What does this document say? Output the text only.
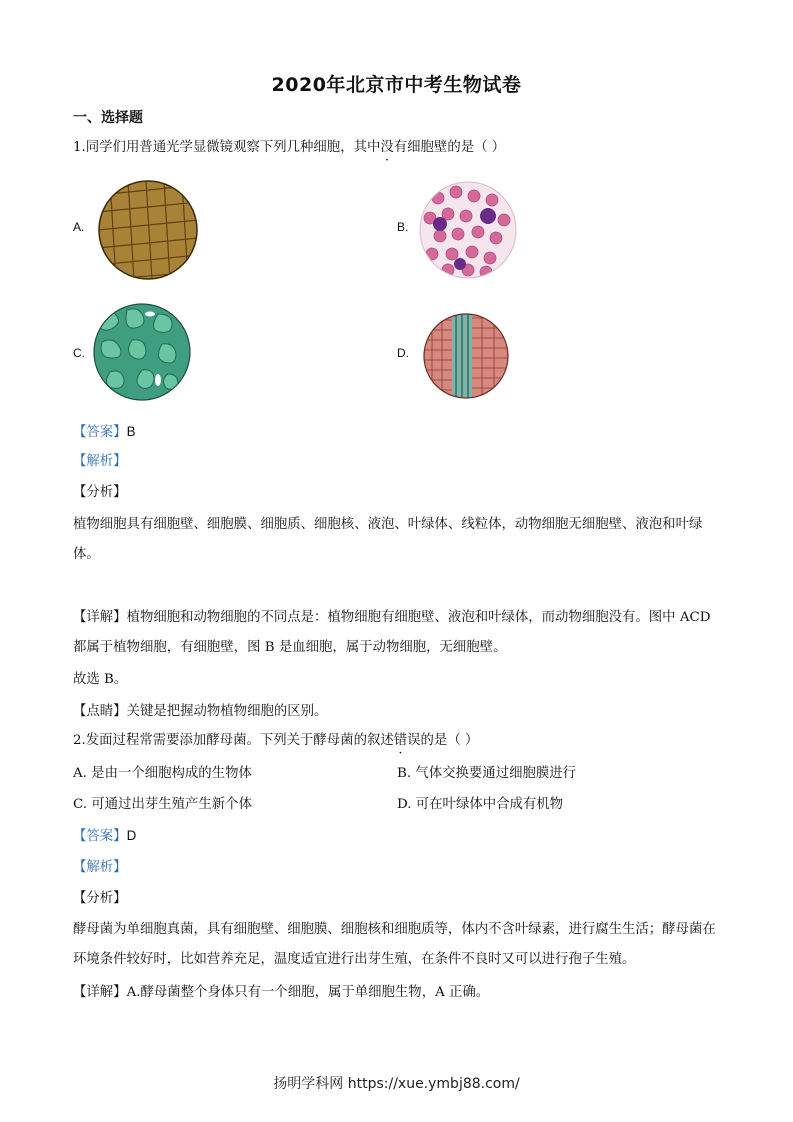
2020年北京市中考生物试卷
一、选择题
1.同学们用普通光学显微镜观察下列几种细胞，其中没有细胞壁的是（ ）
A.	B.
C.	D.
【答案】B
【解析】
【分析】
植物细胞具有细胞壁、细胞膜、细胞质、细胞核、液泡、叶绿体、线粒体，动物细胞无细胞壁、液泡和叶绿体。
【详解】植物细胞和动物细胞的不同点是：植物细胞有细胞壁、液泡和叶绿体，而动物细胞没有。图中 ACD 都属于植物细胞，有细胞壁，图 B 是血细胞，属于动物细胞，无细胞壁。
故选 B。
【点睛】关键是把握动物植物细胞的区别。
2.发面过程常需要添加酵母菌。下列关于酵母菌的叙述错误的是（ ）
A. 是由一个细胞构成的生物体	B. 气体交换要通过细胞膜进行
C. 可通过出芽生殖产生新个体	D. 可在叶绿体中合成有机物
【答案】D
【解析】
【分析】
酵母菌为单细胞真菌，具有细胞壁、细胞膜、细胞核和细胞质等，体内不含叶绿素，进行腐生生活；酵母菌在环境条件较好时，比如营养充足，温度适宜进行出芽生殖，在条件不良时又可以进行孢子生殖。
【详解】A.酵母菌整个身体只有一个细胞，属于单细胞生物，A 正确。
扬明学科网 https://xue.ymbj88.com/
